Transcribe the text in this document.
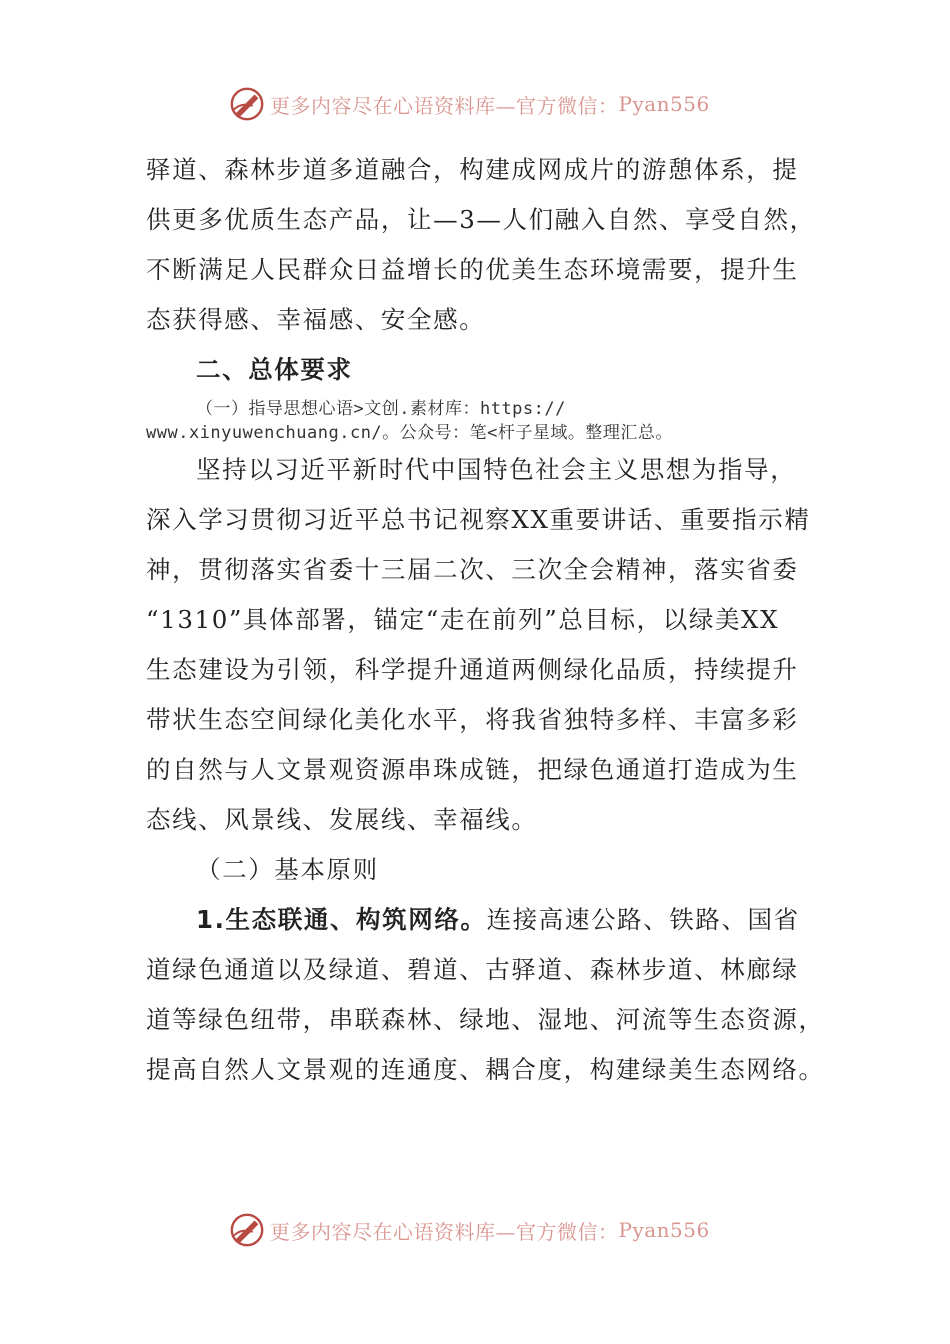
更多内容尽在心语资料库—官方微信： Pyan556
驿道、森林步道多道融合，构建成网成片的游憩体系，提
供更多优质生态产品，让—3—人们融入自然、享受自然，
不断满足人民群众日益增长的优美生态环境需要，提升生
态获得感、幸福感、安全感。
二、总体要求
（一）指导思想心语>文创.素材库：https://
www.xinyuwenchuang.cn/。公众号：笔<杆子星域。整理汇总。
坚持以习近平新时代中国特色社会主义思想为指导，
深入学习贯彻习近平总书记视察XX重要讲话、重要指示精
神，贯彻落实省委十三届二次、三次全会精神，落实省委
“1310”具体部署，锚定“走在前列”总目标，以绿美XX
生态建设为引领，科学提升通道两侧绿化品质，持续提升
带状生态空间绿化美化水平，将我省独特多样、丰富多彩
的自然与人文景观资源串珠成链，把绿色通道打造成为生
态线、风景线、发展线、幸福线。
（二）基本原则
1.生态联通、构筑网络。连接高速公路、铁路、国省
道绿色通道以及绿道、碧道、古驿道、森林步道、林廊绿
道等绿色纽带，串联森林、绿地、湿地、河流等生态资源，
提高自然人文景观的连通度、耦合度，构建绿美生态网络。
更多内容尽在心语资料库—官方微信： Pyan556
